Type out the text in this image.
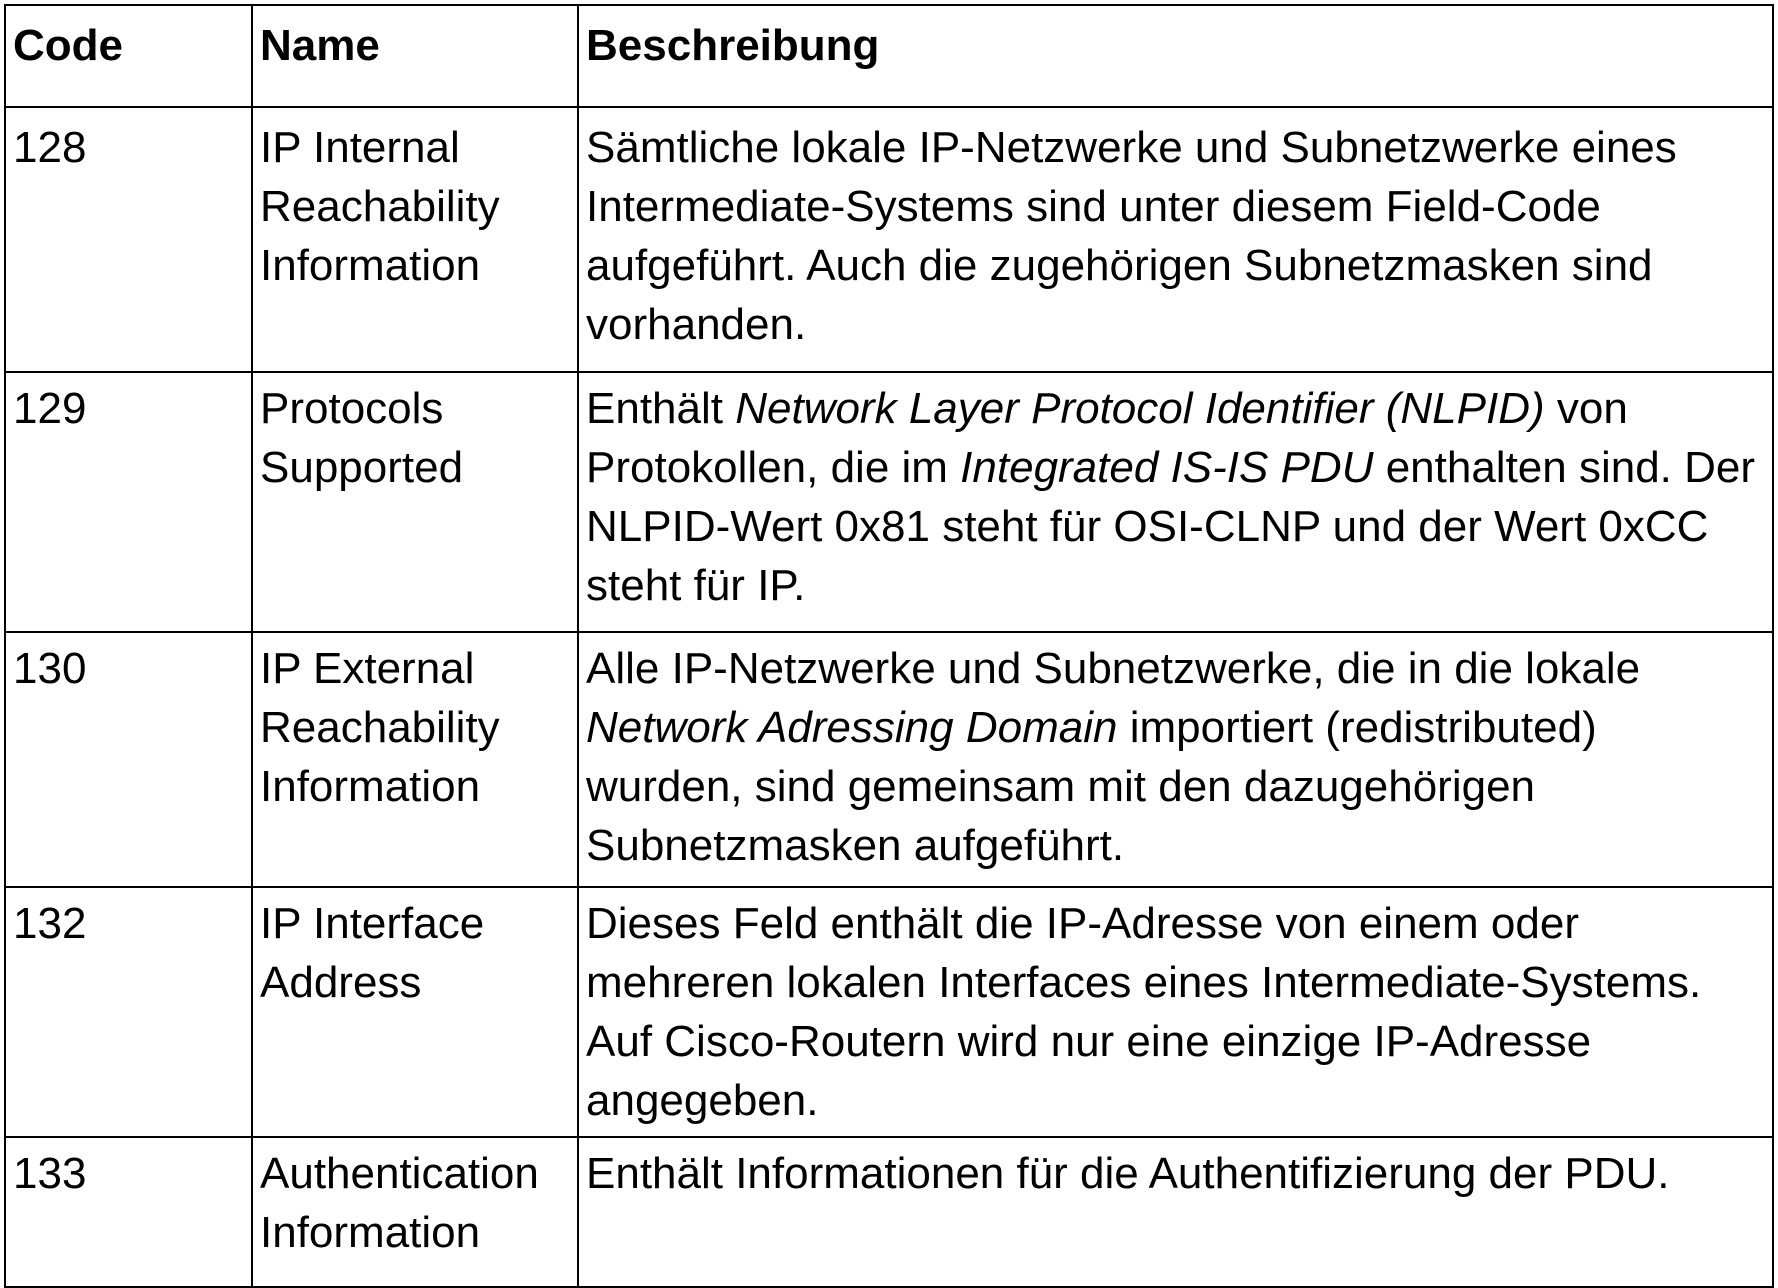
Code	Name	Beschreibung
128	IP Internal Reachability Information	Sämtliche lokale IP-Netzwerke und Subnetzwerke eines Intermediate-Systems sind unter diesem Field-Code aufgeführt. Auch die zugehörigen Subnetzmasken sind vorhanden.
129	Protocols Supported	Enthält Network Layer Protocol Identifier (NLPID) von Protokollen, die im Integrated IS-IS PDU enthalten sind. Der NLPID-Wert 0x81 steht für OSI-CLNP und der Wert 0xCC steht für IP.
130	IP External Reachability Information	Alle IP-Netzwerke und Subnetzwerke, die in die lokale Network Adressing Domain importiert (redistributed) wurden, sind gemeinsam mit den dazugehörigen Subnetzmasken aufgeführt.
132	IP Interface Address	Dieses Feld enthält die IP-Adresse von einem oder mehreren lokalen Interfaces eines Intermediate-Systems. Auf Cisco-Routern wird nur eine einzige IP-Adresse angegeben.
133	Authentication Information	Enthält Informationen für die Authentifizierung der PDU.
